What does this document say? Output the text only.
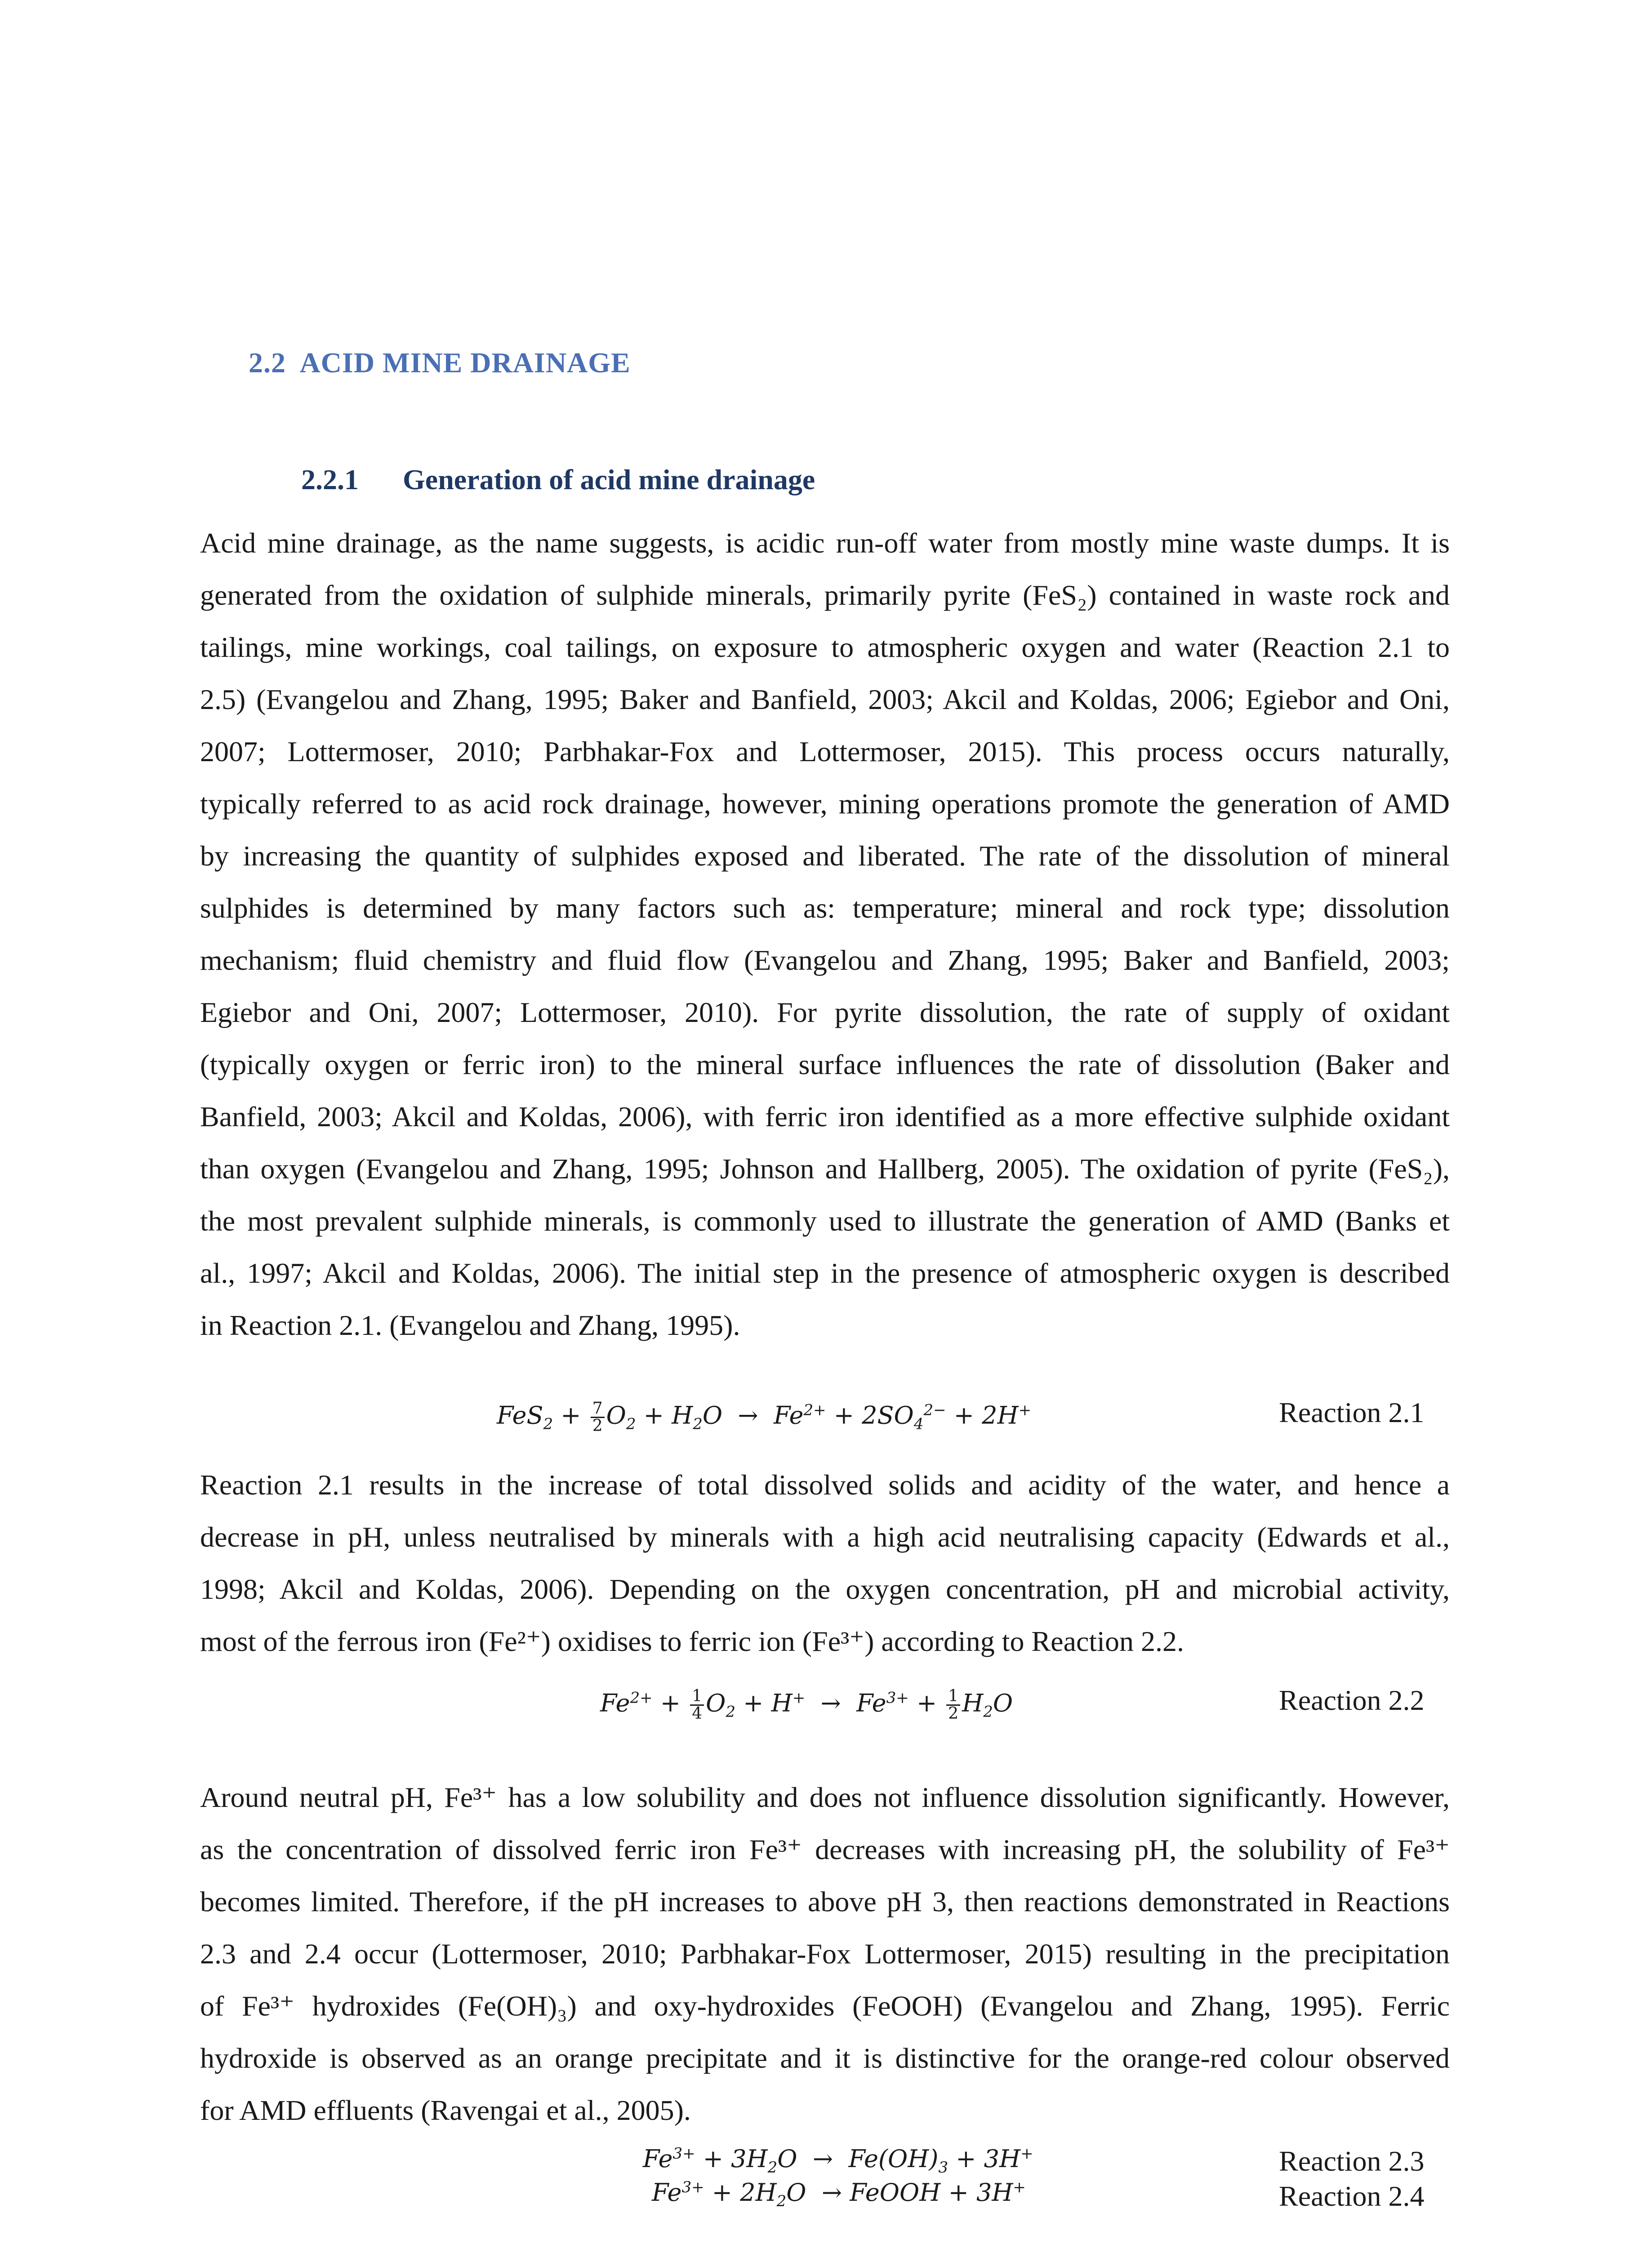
2.2 ACID MINE DRAINAGE
2.2.1 Generation of acid mine drainage
Acid mine drainage, as the name suggests, is acidic run-off water from mostly mine waste dumps. It is
generated from the oxidation of sulphide minerals, primarily pyrite (FeS₂) contained in waste rock and
tailings, mine workings, coal tailings, on exposure to atmospheric oxygen and water (Reaction 2.1 to
2.5) (Evangelou and Zhang, 1995; Baker and Banfield, 2003; Akcil and Koldas, 2006; Egiebor and Oni,
2007; Lottermoser, 2010; Parbhakar-Fox and Lottermoser, 2015). This process occurs naturally,
typically referred to as acid rock drainage, however, mining operations promote the generation of AMD
by increasing the quantity of sulphides exposed and liberated. The rate of the dissolution of mineral
sulphides is determined by many factors such as: temperature; mineral and rock type; dissolution
mechanism; fluid chemistry and fluid flow (Evangelou and Zhang, 1995; Baker and Banfield, 2003;
Egiebor and Oni, 2007; Lottermoser, 2010). For pyrite dissolution, the rate of supply of oxidant
(typically oxygen or ferric iron) to the mineral surface influences the rate of dissolution (Baker and
Banfield, 2003; Akcil and Koldas, 2006), with ferric iron identified as a more effective sulphide oxidant
than oxygen (Evangelou and Zhang, 1995; Johnson and Hallberg, 2005). The oxidation of pyrite (FeS₂),
the most prevalent sulphide minerals, is commonly used to illustrate the generation of AMD (Banks et
al., 1997; Akcil and Koldas, 2006). The initial step in the presence of atmospheric oxygen is described
in Reaction 2.1. (Evangelou and Zhang, 1995).
$FeS_2 + \frac{7}{2} O_2 + H_2O \to Fe^{2+} + 2SO_4^{2-} + 2H^+$	Reaction 2.1
Reaction 2.1 results in the increase of total dissolved solids and acidity of the water, and hence a
decrease in pH, unless neutralised by minerals with a high acid neutralising capacity (Edwards et al.,
1998; Akcil and Koldas, 2006). Depending on the oxygen concentration, pH and microbial activity,
most of the ferrous iron (Fe²⁺) oxidises to ferric ion (Fe³⁺) according to Reaction 2.2.
$Fe^{2+} + \frac{1}{4} O_2 + H^+ \to Fe^{3+} + \frac{1}{2} H_2O$	Reaction 2.2
Around neutral pH, Fe³⁺ has a low solubility and does not influence dissolution significantly. However,
as the concentration of dissolved ferric iron Fe³⁺ decreases with increasing pH, the solubility of Fe³⁺
becomes limited. Therefore, if the pH increases to above pH 3, then reactions demonstrated in Reactions
2.3 and 2.4 occur (Lottermoser, 2010; Parbhakar-Fox Lottermoser, 2015) resulting in the precipitation
of Fe³⁺ hydroxides (Fe(OH)₃) and oxy-hydroxides (FeOOH) (Evangelou and Zhang, 1995). Ferric
hydroxide is observed as an orange precipitate and it is distinctive for the orange-red colour observed
for AMD effluents (Ravengai et al., 2005).
$Fe^{3+} + 3H_2O \to Fe(OH)_3 + 3H^+$	Reaction 2.3
$Fe^{3+} + 2H_2O$  → FeOOH + 3H+	Reaction 2.4
